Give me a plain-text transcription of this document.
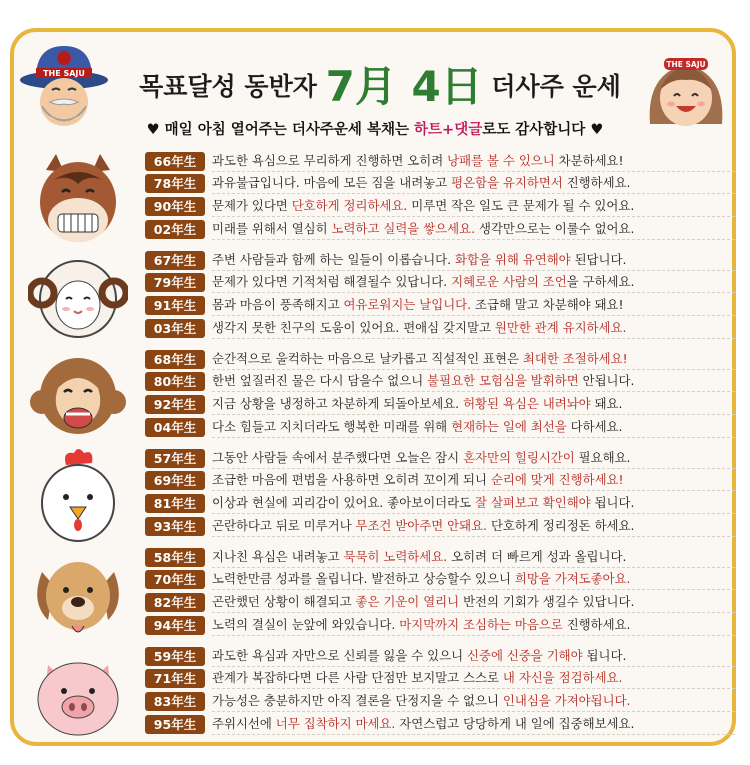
THE SAJU
THE SAJU
목표달성 동반자 7月 4日 더사주 운세
♥ 매일 아침 열어주는 더사주운세 복채는 하트+댓글로도 감사합니다 ♥
66年生	과도한 욕심으로 무리하게 진행하면 오히려 낭패를 볼 수 있으니 차분하세요!
78年生	과유불급입니다. 마음에 모든 짐을 내려놓고 평온함을 유지하면서 진행하세요.
90年生	문제가 있다면 단호하게 정리하세요. 미루면 작은 일도 큰 문제가 될 수 있어요.
02年生	미래를 위해서 열심히 노력하고 실력을 쌓으세요. 생각만으로는 이룰수 없어요.
67年生	주변 사람들과 함께 하는 일들이 이롭습니다. 화합을 위해 유연해야 된답니다.
79年生	문제가 있다면 기적처럼 해결될수 있답니다. 지혜로운 사람의 조언을 구하세요.
91年生	몸과 마음이 풍족해지고 여유로워지는 날입니다. 조급해 말고 차분해야 돼요!
03年生	생각지 못한 친구의 도움이 있어요. 편애심 갖지말고 원만한 관계 유지하세요.
68年生	순간적으로 울컥하는 마음으로 날카롭고 직설적인 표현은 최대한 조절하세요!
80年生	한번 엎질러진 물은 다시 담을수 없으니 불필요한 모험심을 발휘하면 안됩니다.
92年生	지금 상황을 냉정하고 차분하게 되돌아보세요. 허황된 욕심은 내려놔야 돼요.
04年生	다소 힘들고 지치더라도 행복한 미래를 위해 현재하는 일에 최선을 다하세요.
57年生	그동안 사람들 속에서 분주했다면 오늘은 잠시 혼자만의 힐링시간이 필요해요.
69年生	조급한 마음에 편법을 사용하면 오히려 꼬이게 되니 순리에 맞게 진행하세요!
81年生	이상과 현실에 괴리감이 있어요. 좋아보이더라도 잘 살펴보고 확인해야 됩니다.
93年生	곤란하다고 뒤로 미루거나 무조건 받아주면 안돼요. 단호하게 정리정돈 하세요.
58年生	지나친 욕심은 내려놓고 묵묵히 노력하세요. 오히려 더 빠르게 성과 올립니다.
70年生	노력한만큼 성과를 올립니다. 발전하고 상승할수 있으니 희망을 가져도좋아요.
82年生	곤란했던 상황이 해결되고 좋은 기운이 열리니 반전의 기회가 생길수 있답니다.
94年生	노력의 결실이 눈앞에 와있습니다. 마지막까지 조심하는 마음으로 진행하세요.
59年生	과도한 욕심과 자만으로 신뢰를 잃을 수 있으니 신중에 신중을 기해야 됩니다.
71年生	관계가 복잡하다면 다른 사람 단점만 보지말고 스스로 내 자신을 점검하세요.
83年生	가능성은 충분하지만 아직 결론을 단정지을 수 없으니 인내심을 가져야됩니다.
95年生	주위시선에 너무 집착하지 마세요. 자연스럽고 당당하게 내 일에 집중해보세요.
